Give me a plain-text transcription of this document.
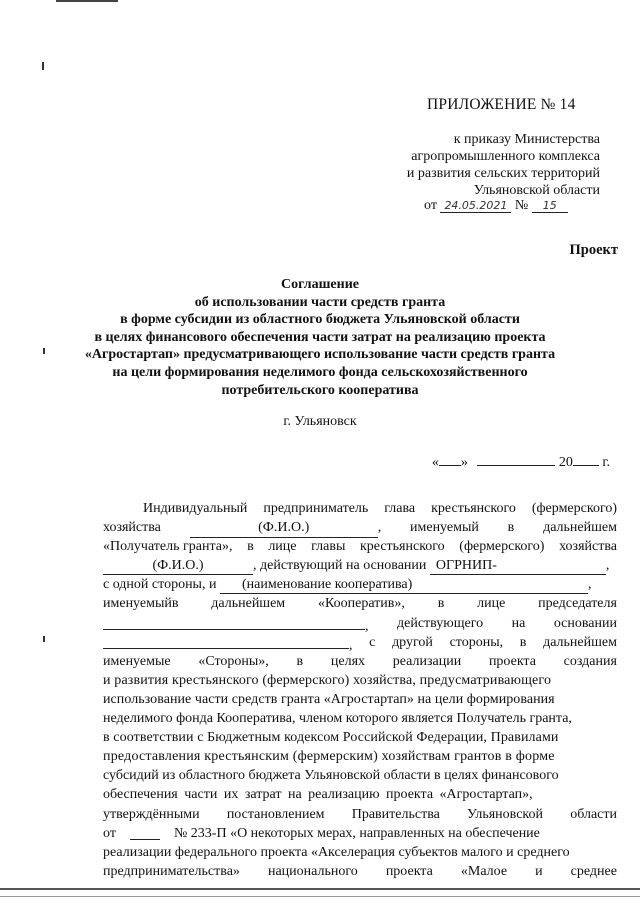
ПРИЛОЖЕНИЕ № 14
к приказу Министерства
агропромышленного комплекса
и развития сельских территорий
Ульяновской области
от 24.05.2021 № 15
Проект
Соглашение
об использовании части средств гранта
в форме субсидии из областного бюджета Ульяновской области
в целях финансового обеспечения части затрат на реализацию проекта
«Агростартап» предусматривающего использование части средств гранта
на цели формирования неделимого фонда сельскохозяйственного
потребительского кооператива
г. Ульяновск
« »	20 г.
Индивидуальный предприниматель глава крестьянского (фермерского)
хозяйства	(Ф.И.О.)	, именуемый в дальнейшем
«Получатель гранта», в лице главы крестьянского (фермерского) хозяйства
(Ф.И.О.)	, действующий на основании
ОГРНИП-	,
с одной стороны, и
	(наименование кооператива)	,
именуемыйв дальнейшем «Кооператив», в лице председателя
, действующего на основании
, с другой стороны, в дальнейшем
именуемые «Стороны», в целях реализации проекта создания
и развития крестьянского (фермерского) хозяйства, предусматривающего
использование части средств гранта «Агростартап» на цели формирования
неделимого фонда Кооператива, членом которого является Получатель гранта,
в соответствии с Бюджетным кодексом Российской Федерации, Правилами
предоставления крестьянским (фермерским) хозяйствам грантов в форме
субсидий из областного бюджета Ульяновской области в целях финансового
обеспечения части их затрат на реализацию проекта «Агростартап»,
утверждёнными постановлением Правительства Ульяновской области
от

	№ 233-П «О некоторых мерах, направленных на обеспечение
реализации федерального проекта «Акселерация субъектов малого и среднего
предпринимательства» национального проекта «Малое и среднее
